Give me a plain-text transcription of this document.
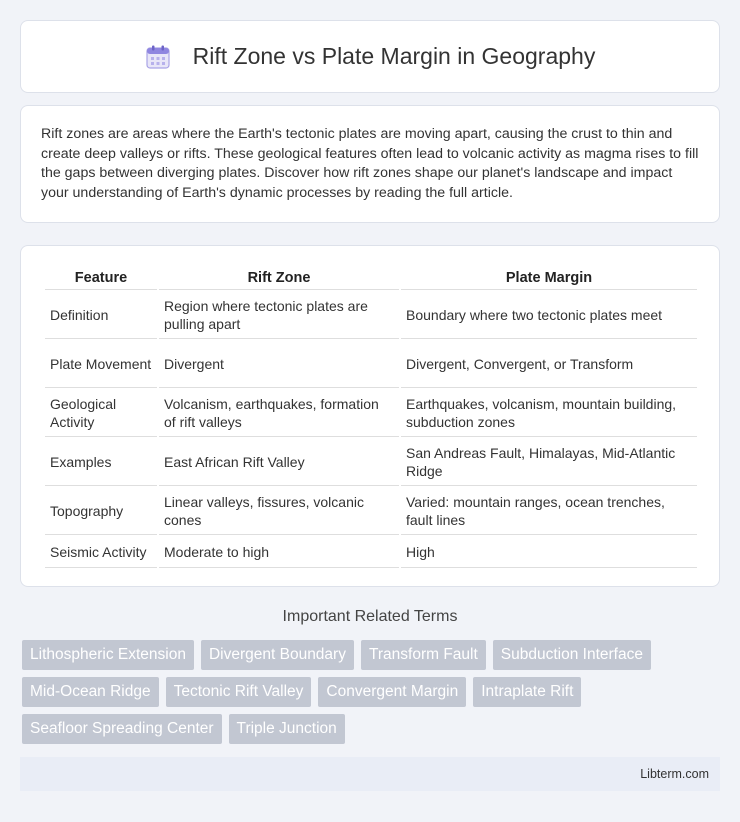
Rift Zone vs Plate Margin in Geography

Rift zones are areas where the Earth's tectonic plates are moving apart, causing the crust to thin and create deep valleys or rifts. These geological features often lead to volcanic activity as magma rises to fill the gaps between diverging plates. Discover how rift zones shape our planet's landscape and impact your understanding of Earth's dynamic processes by reading the full article.

Feature	Rift Zone	Plate Margin
Definition	Region where tectonic plates are pulling apart	Boundary where two tectonic plates meet
Plate Movement	Divergent	Divergent, Convergent, or Transform
Geological Activity	Volcanism, earthquakes, formation of rift valleys	Earthquakes, volcanism, mountain building, subduction zones
Examples	East African Rift Valley	San Andreas Fault, Himalayas, Mid-Atlantic Ridge
Topography	Linear valleys, fissures, volcanic cones	Varied: mountain ranges, ocean trenches, fault lines
Seismic Activity	Moderate to high	High
Important Related Terms
Lithospheric Extension	Divergent Boundary	Transform Fault	Subduction Interface
Mid-Ocean Ridge	Tectonic Rift Valley	Convergent Margin	Intraplate Rift
Seafloor Spreading Center	Triple Junction
Libterm.com
